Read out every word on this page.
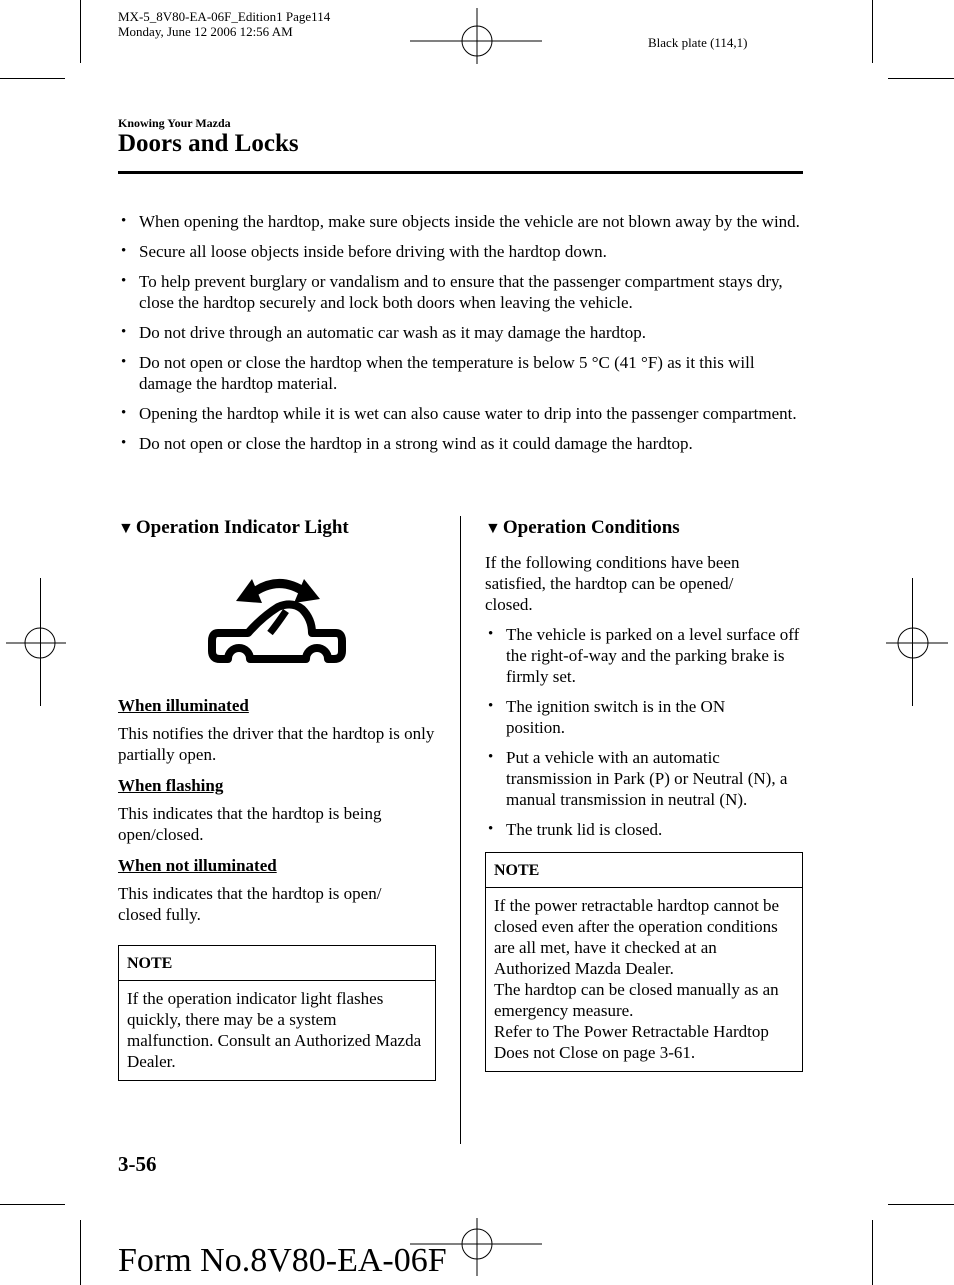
MX-5_8V80-EA-06F_Edition1 Page114
Monday, June 12 2006 12:56 AM
Black plate (114,1)
Knowing Your Mazda
Doors and Locks
• When opening the hardtop, make sure objects inside the vehicle are not blown away by the wind.
• Secure all loose objects inside before driving with the hardtop down.
• To help prevent burglary or vandalism and to ensure that the passenger compartment stays dry, close the hardtop securely and lock both doors when leaving the vehicle.
• Do not drive through an automatic car wash as it may damage the hardtop.
• Do not open or close the hardtop when the temperature is below 5 °C (41 °F) as it this will damage the hardtop material.
• Opening the hardtop while it is wet can also cause water to drip into the passenger compartment.
• Do not open or close the hardtop in a strong wind as it could damage the hardtop.
▼ Operation Indicator Light
When illuminated
This notifies the driver that the hardtop is only partially open.
When flashing
This indicates that the hardtop is being open/closed.
When not illuminated
This indicates that the hardtop is open/ closed fully.
NOTE
If the operation indicator light flashes quickly, there may be a system malfunction. Consult an Authorized Mazda Dealer.
▼ Operation Conditions
If the following conditions have been satisfied, the hardtop can be opened/ closed.
• The vehicle is parked on a level surface off the right-of-way and the parking brake is firmly set.
• The ignition switch is in the ON position.
• Put a vehicle with an automatic transmission in Park (P) or Neutral (N), a manual transmission in neutral (N).
• The trunk lid is closed.
NOTE
If the power retractable hardtop cannot be closed even after the operation conditions are all met, have it checked at an Authorized Mazda Dealer.
The hardtop can be closed manually as an emergency measure.
Refer to The Power Retractable Hardtop Does not Close on page 3-61.
3-56
Form No.8V80-EA-06F
